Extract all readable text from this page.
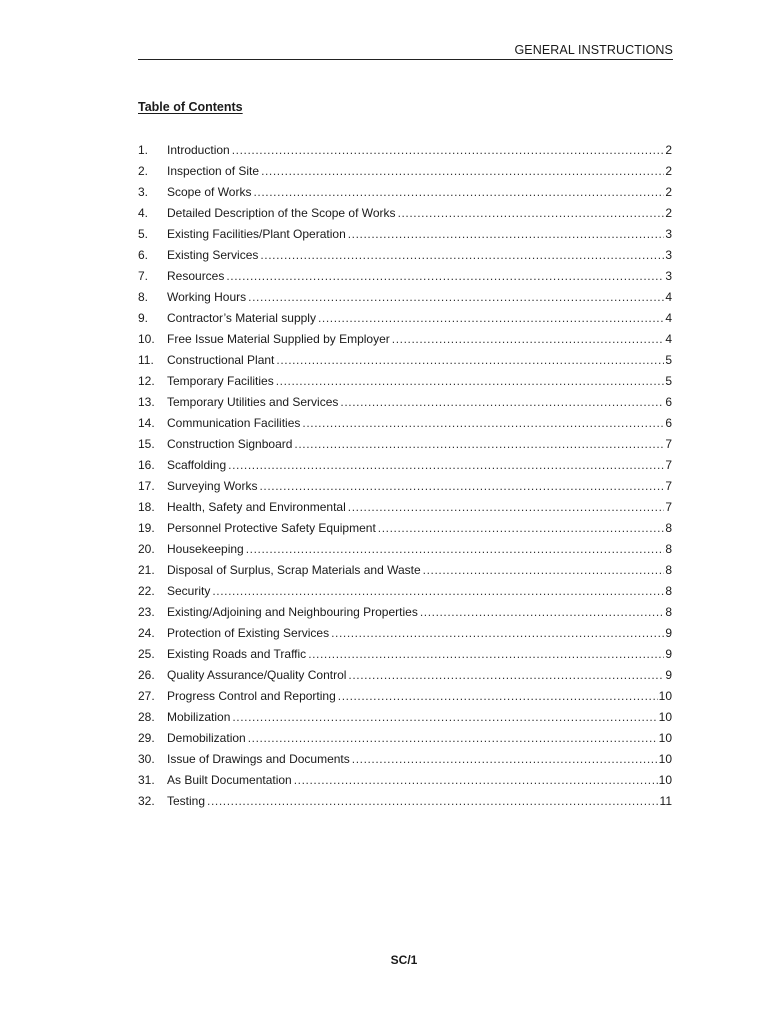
GENERAL INSTRUCTIONS
Table of Contents
1.	Introduction .....	2
2.	Inspection of Site .....	2
3.	Scope of Works .....	2
4.	Detailed Description of the Scope of Works .....	2
5.	Existing Facilities/Plant Operation .....	3
6.	Existing Services .....	3
7.	Resources .....	3
8.	Working Hours .....	4
9.	Contractor’s Material supply .....	4
10.	Free Issue Material Supplied by Employer .....	4
11.	Constructional Plant .....	5
12.	Temporary Facilities .....	5
13.	Temporary Utilities and Services .....	6
14.	Communication Facilities .....	6
15.	Construction Signboard .....	7
16.	Scaffolding .....	7
17.	Surveying Works .....	7
18.	Health, Safety and Environmental .....	7
19.	Personnel Protective Safety Equipment .....	8
20.	Housekeeping .....	8
21.	Disposal of Surplus, Scrap Materials and Waste .....	8
22.	Security .....	8
23.	Existing/Adjoining and Neighbouring Properties .....	8
24.	Protection of Existing Services .....	9
25.	Existing Roads and Traffic .....	9
26.	Quality Assurance/Quality Control .....	9
27.	Progress Control and Reporting .....	10
28.	Mobilization .....	10
29.	Demobilization .....	10
30.	Issue of Drawings and Documents .....	10
31.	As Built Documentation .....	10
32.	Testing .....	11
SC/1
